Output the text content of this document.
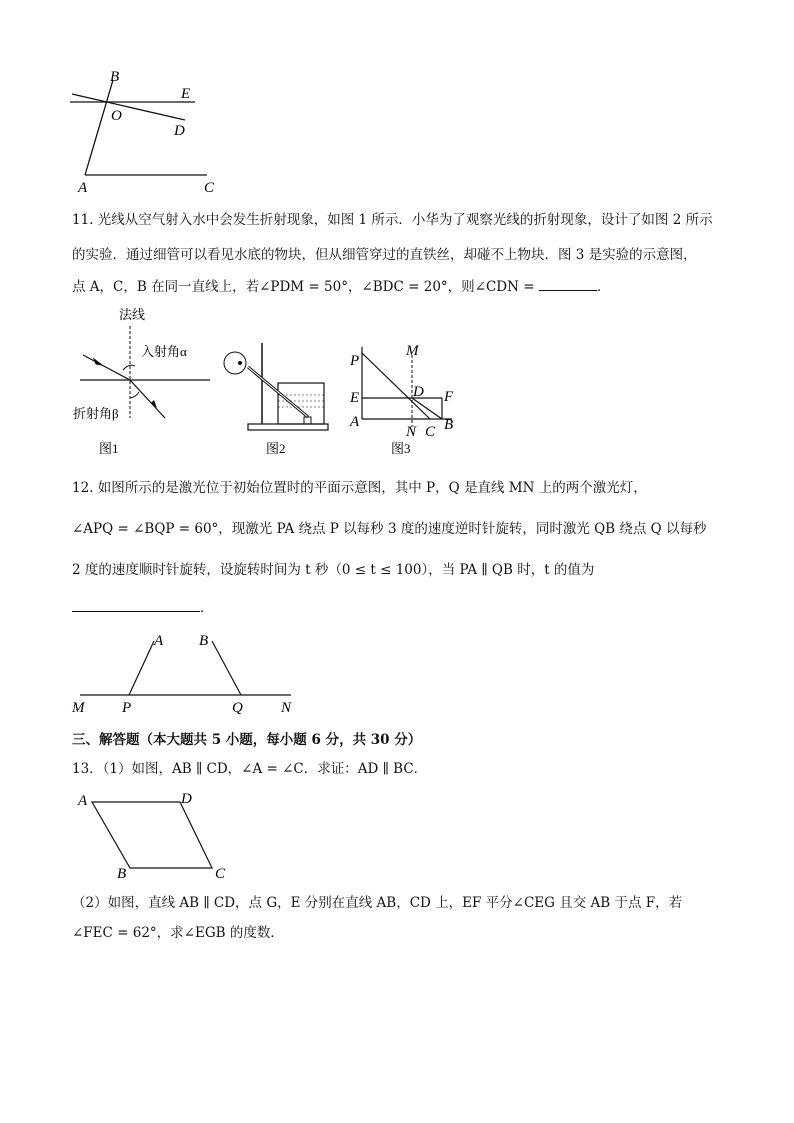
B
E
O
D
A	C
11. 光线从空气射入水中会发生折射现象，如图 1 所示．小华为了观察光线的折射现象，设计了如图 2 所示
的实验．通过细管可以看见水底的物块，但从细管穿过的直铁丝，却碰不上物块．图 3 是实验的示意图，
点 A，C，B 在同一直线上，若∠PDM = 50°，∠BDC = 20°，则∠CDN =	．
法线
入射角α
折射角β
图1	图2
P
M
D F
E
A
N C B
图3
12. 如图所示的是激光位于初始位置时的平面示意图，其中 P，Q 是直线 MN 上的两个激光灯，
∠APQ = ∠BQP = 60°，现激光 PA 绕点 P 以每秒 3 度的速度逆时针旋转，同时激光 QB 绕点 Q 以每秒
2 度的速度顺时针旋转，设旋转时间为 t 秒（0 ≤ t ≤ 100），当 PA ∥ QB 时，t 的值为
．
A B
M	P	Q	N
三、解答题（本大题共 5 小题，每小题 6 分，共 30 分）
13．（1）如图，AB ∥ CD，∠A = ∠C．求证：AD ∥ BC．
A	D
B	C
（2）如图，直线 AB ∥ CD，点 G，E 分别在直线 AB，CD 上，EF 平分∠CEG 且交 AB 于点 F，若
∠FEC = 62°，求∠EGB 的度数．
